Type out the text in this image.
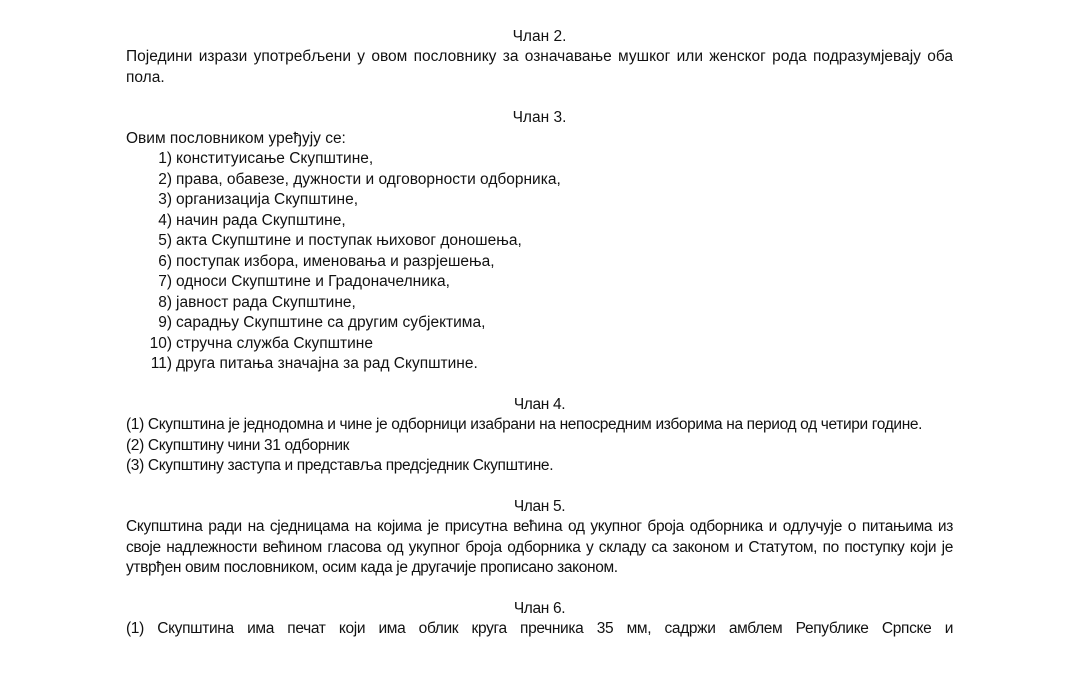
Члан 2.
Поједини изрази употребљени у овом пословнику за означавање мушког или женског рода подразумјевају оба пола.
Члан 3.
Овим пословником уређују се:
1) конституисање Скупштине,
2) права, обавезе, дужности и одговорности одборника,
3) организација Скупштине,
4) начин рада Скупштине,
5) акта Скупштине и поступак њиховог доношења,
6) поступак избора, именовања и разрјешења,
7) односи Скупштине и Градоначелника,
8) јавност рада Скупштине,
9) сарадњу Скупштине са другим субјектима,
10) стручна служба Скупштине
11) друга питања значајна за рад Скупштине.
Члан 4.
(1) Скупштина је једнодомна и чине је одборници изабрани на непосредним изборима на период од четири године.
(2) Скупштину чини 31 одборник
(3) Скупштину заступа и представља предсједник Скупштине.
Члан 5.
Скупштина ради на сједницама на којима је присутна већина од укупног броја одборника и одлучује о питањима из своје надлежности већином гласова од укупног броја одборника у складу са законом и Статутом, по поступку који је утврђен овим пословником, осим када је другачије прописано законом.
Члан 6.
(1) Скупштина има печат који има облик круга пречника 35 мм, садржи амблем Републике Српске и
